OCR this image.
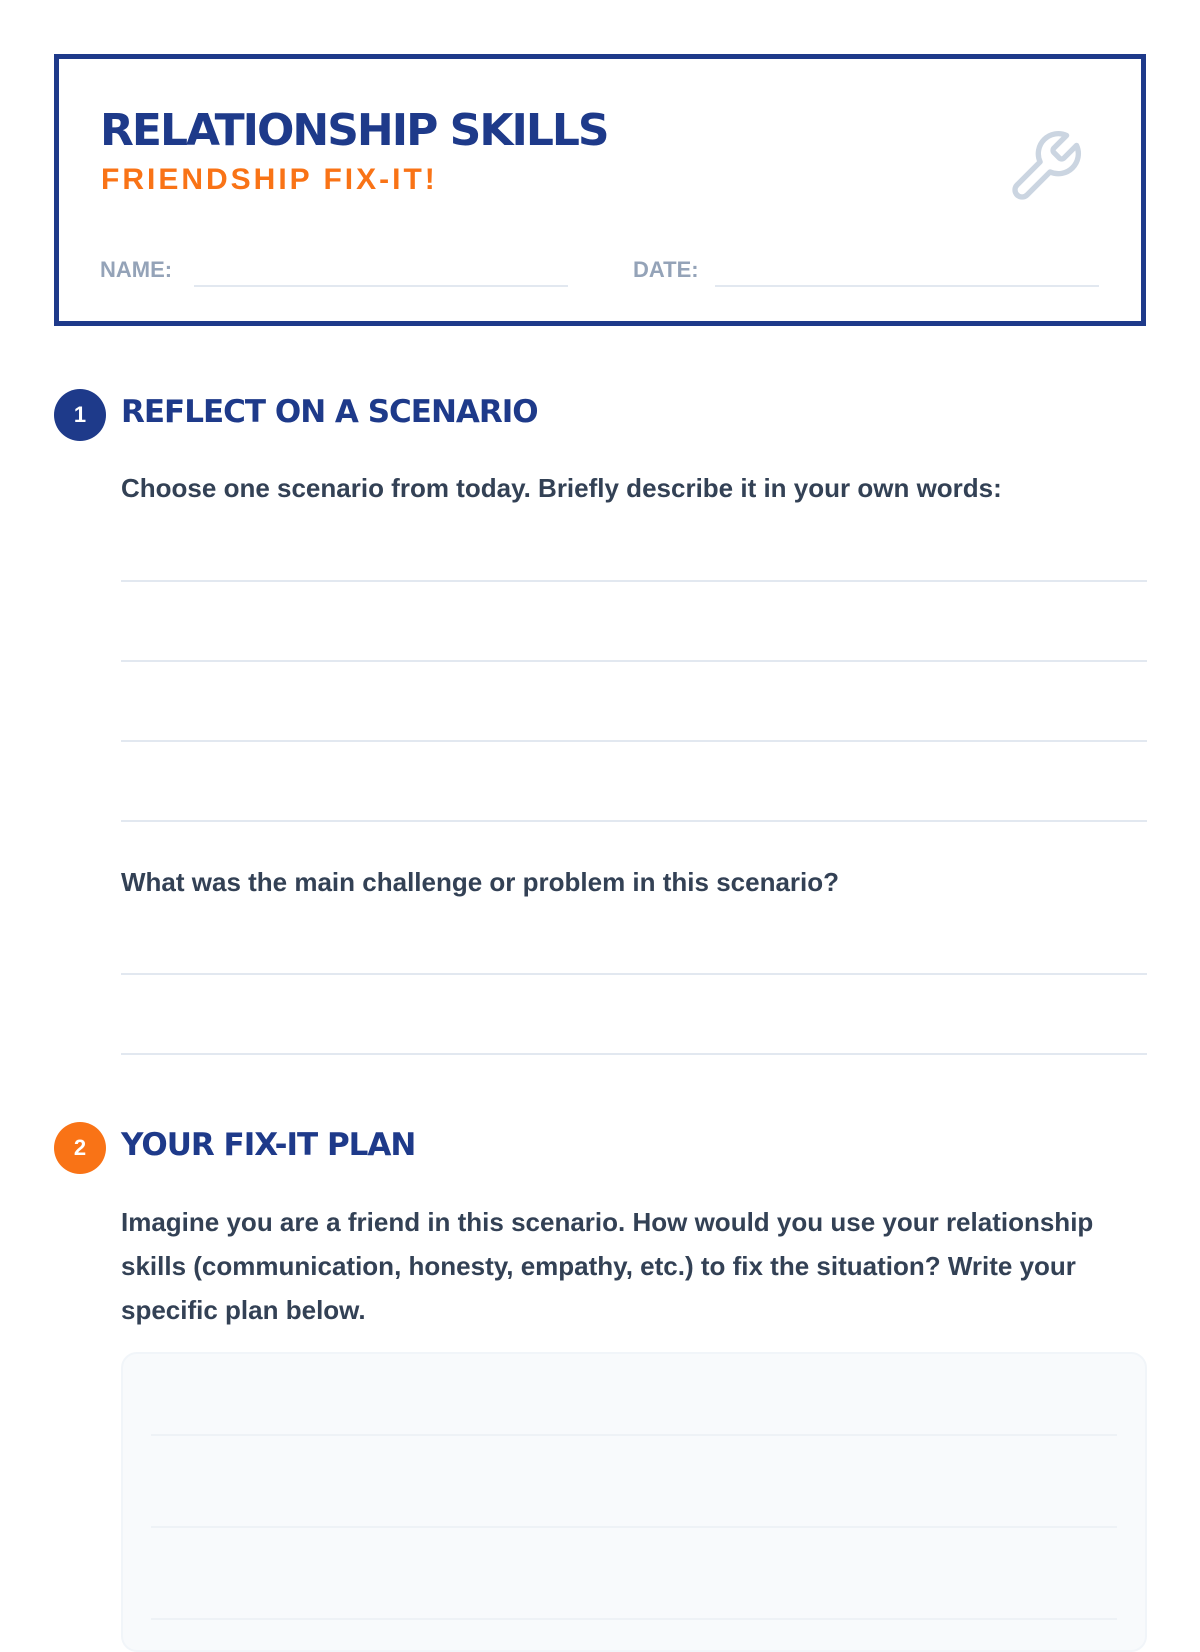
RELATIONSHIP SKILLS
FRIENDSHIP FIX-IT!
NAME:	DATE:
1	REFLECT ON A SCENARIO

Choose one scenario from today. Briefly describe it in your own words:

What was the main challenge or problem in this scenario?

2	YOUR FIX-IT PLAN

Imagine you are a friend in this scenario. How would you use your relationship skills (communication, honesty, empathy, etc.) to fix the situation? Write your specific plan below.
